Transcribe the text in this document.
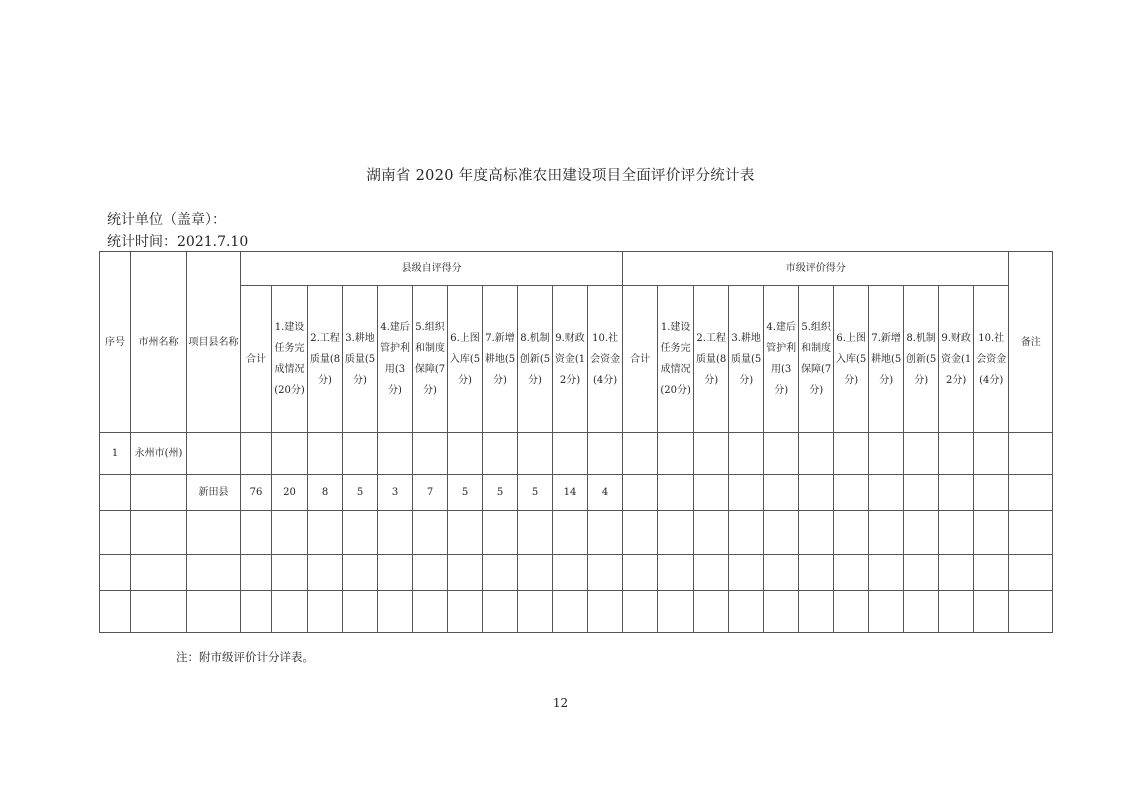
湖南省 2020 年度高标准农田建设项目全面评价评分统计表
统计单位（盖章）：
统计时间：2021.7.10
序号	市州名称	项目县名称	县级自评得分											市级评价得分											备注
			合计	1.建设任务完成情况(20分)	2.工程质量(8分)	3.耕地质量(5分)	4.建后管护利用(3分)	5.组织和制度保障(7分)	6.上图入库(5分)	7.新增耕地(5分)	8.机制创新(5分)	9.财政资金(12分)	10.社会资金(4分)	合计	1.建设任务完成情况(20分)	2.工程质量(8分)	3.耕地质量(5分)	4.建后管护利用(3分)	5.组织和制度保障(7分)	6.上图入库(5分)	7.新增耕地(5分)	8.机制创新(5分)	9.财政资金(12分)	10.社会资金(4分)	
1	永州市(州)																								
		新田县	76	20	8	5	3	7	5	5	5	14	4												

注：附市级评价计分详表。
12
